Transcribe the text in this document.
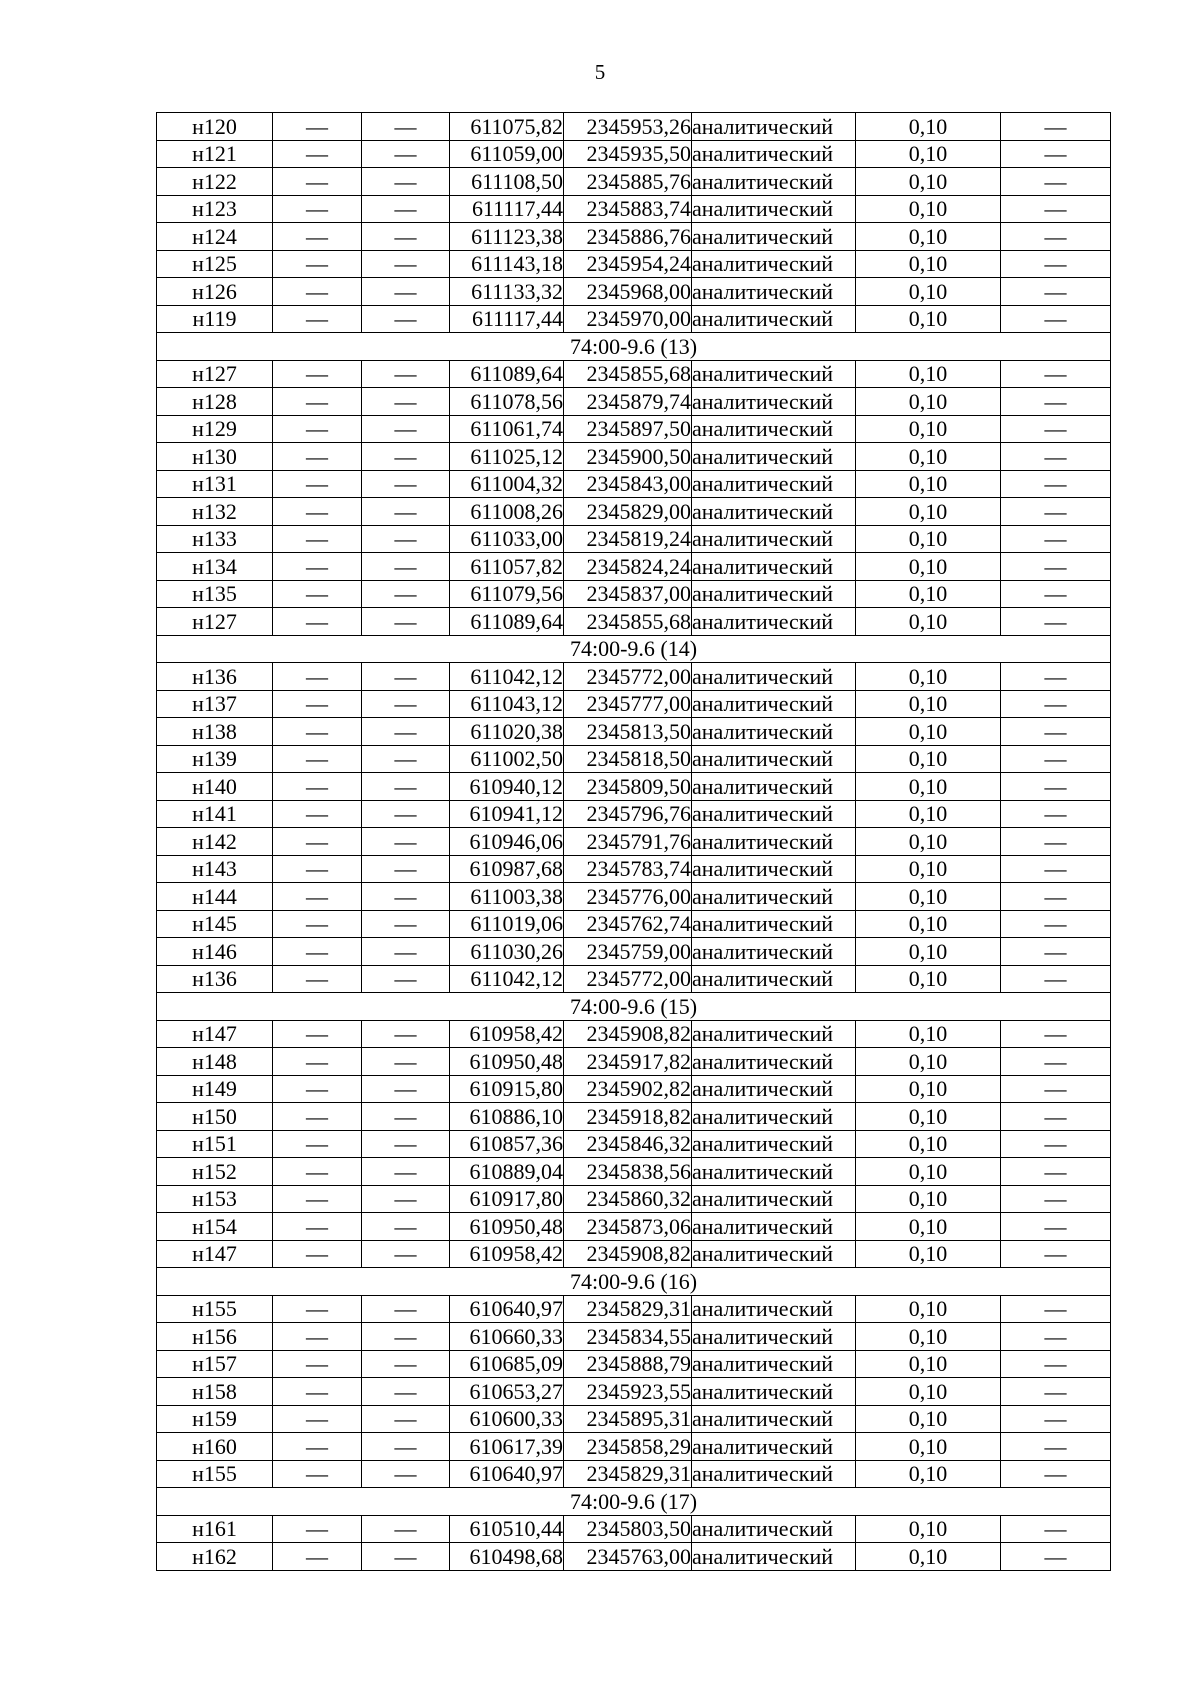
5
н120	—	—	611075,82	2345953,26	аналитический	0,10	—
н121	—	—	611059,00	2345935,50	аналитический	0,10	—
н122	—	—	611108,50	2345885,76	аналитический	0,10	—
н123	—	—	611117,44	2345883,74	аналитический	0,10	—
н124	—	—	611123,38	2345886,76	аналитический	0,10	—
н125	—	—	611143,18	2345954,24	аналитический	0,10	—
н126	—	—	611133,32	2345968,00	аналитический	0,10	—
н119	—	—	611117,44	2345970,00	аналитический	0,10	—
74:00-9.6 (13)							
н127	—	—	611089,64	2345855,68	аналитический	0,10	—
н128	—	—	611078,56	2345879,74	аналитический	0,10	—
н129	—	—	611061,74	2345897,50	аналитический	0,10	—
н130	—	—	611025,12	2345900,50	аналитический	0,10	—
н131	—	—	611004,32	2345843,00	аналитический	0,10	—
н132	—	—	611008,26	2345829,00	аналитический	0,10	—
н133	—	—	611033,00	2345819,24	аналитический	0,10	—
н134	—	—	611057,82	2345824,24	аналитический	0,10	—
н135	—	—	611079,56	2345837,00	аналитический	0,10	—
н127	—	—	611089,64	2345855,68	аналитический	0,10	—
74:00-9.6 (14)							
н136	—	—	611042,12	2345772,00	аналитический	0,10	—
н137	—	—	611043,12	2345777,00	аналитический	0,10	—
н138	—	—	611020,38	2345813,50	аналитический	0,10	—
н139	—	—	611002,50	2345818,50	аналитический	0,10	—
н140	—	—	610940,12	2345809,50	аналитический	0,10	—
н141	—	—	610941,12	2345796,76	аналитический	0,10	—
н142	—	—	610946,06	2345791,76	аналитический	0,10	—
н143	—	—	610987,68	2345783,74	аналитический	0,10	—
н144	—	—	611003,38	2345776,00	аналитический	0,10	—
н145	—	—	611019,06	2345762,74	аналитический	0,10	—
н146	—	—	611030,26	2345759,00	аналитический	0,10	—
н136	—	—	611042,12	2345772,00	аналитический	0,10	—
74:00-9.6 (15)							
н147	—	—	610958,42	2345908,82	аналитический	0,10	—
н148	—	—	610950,48	2345917,82	аналитический	0,10	—
н149	—	—	610915,80	2345902,82	аналитический	0,10	—
н150	—	—	610886,10	2345918,82	аналитический	0,10	—
н151	—	—	610857,36	2345846,32	аналитический	0,10	—
н152	—	—	610889,04	2345838,56	аналитический	0,10	—
н153	—	—	610917,80	2345860,32	аналитический	0,10	—
н154	—	—	610950,48	2345873,06	аналитический	0,10	—
н147	—	—	610958,42	2345908,82	аналитический	0,10	—
74:00-9.6 (16)							
н155	—	—	610640,97	2345829,31	аналитический	0,10	—
н156	—	—	610660,33	2345834,55	аналитический	0,10	—
н157	—	—	610685,09	2345888,79	аналитический	0,10	—
н158	—	—	610653,27	2345923,55	аналитический	0,10	—
н159	—	—	610600,33	2345895,31	аналитический	0,10	—
н160	—	—	610617,39	2345858,29	аналитический	0,10	—
н155	—	—	610640,97	2345829,31	аналитический	0,10	—
74:00-9.6 (17)							
н161	—	—	610510,44	2345803,50	аналитический	0,10	—
н162	—	—	610498,68	2345763,00	аналитический	0,10	—
